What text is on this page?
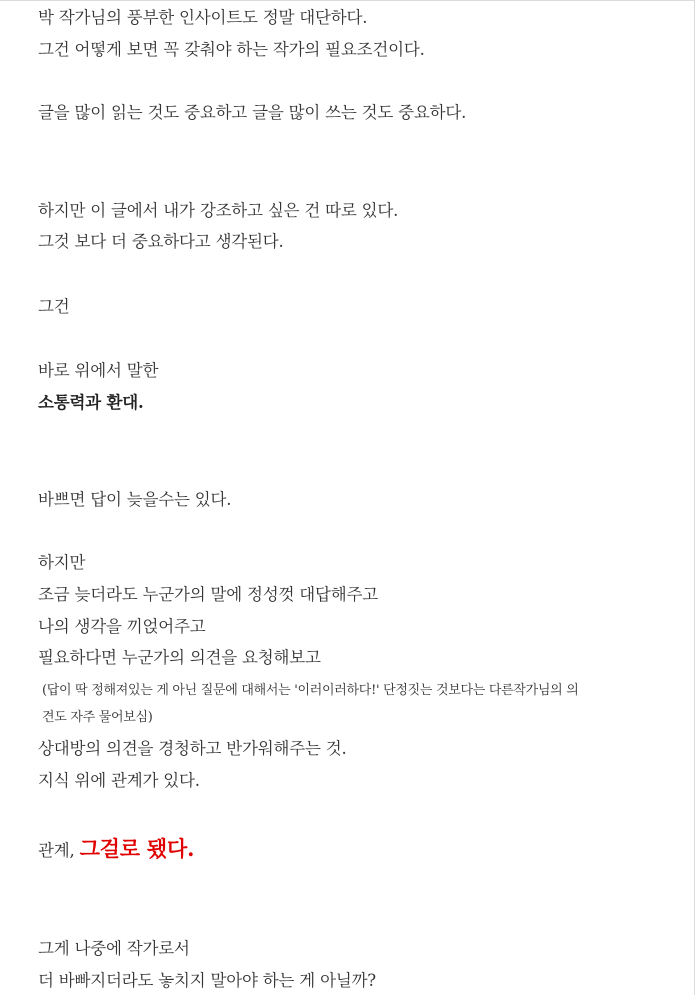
박 작가님의 풍부한 인사이트도 정말 대단하다.
그건 어떻게 보면 꼭 갖춰야 하는 작가의 필요조건이다.
글을 많이 읽는 것도 중요하고 글을 많이 쓰는 것도 중요하다.
하지만 이 글에서 내가 강조하고 싶은 건 따로 있다.
그것 보다 더 중요하다고 생각된다.
그건
바로 위에서 말한
소통력과 환대.
바쁘면 답이 늦을수는 있다.
하지만
조금 늦더라도 누군가의 말에 정성껏 대답해주고
나의 생각을 끼얹어주고
필요하다면 누군가의 의견을 요청해보고
(답이 딱 정해져있는 게 아닌 질문에 대해서는 '이러이러하다!' 단정짓는 것보다는 다른작가님의 의
견도 자주 물어보심)
상대방의 의견을 경청하고 반가워해주는 것.
지식 위에 관계가 있다.
관계, 그걸로 됐다.
그게 나중에 작가로서
더 바빠지더라도 놓치지 말아야 하는 게 아닐까?
